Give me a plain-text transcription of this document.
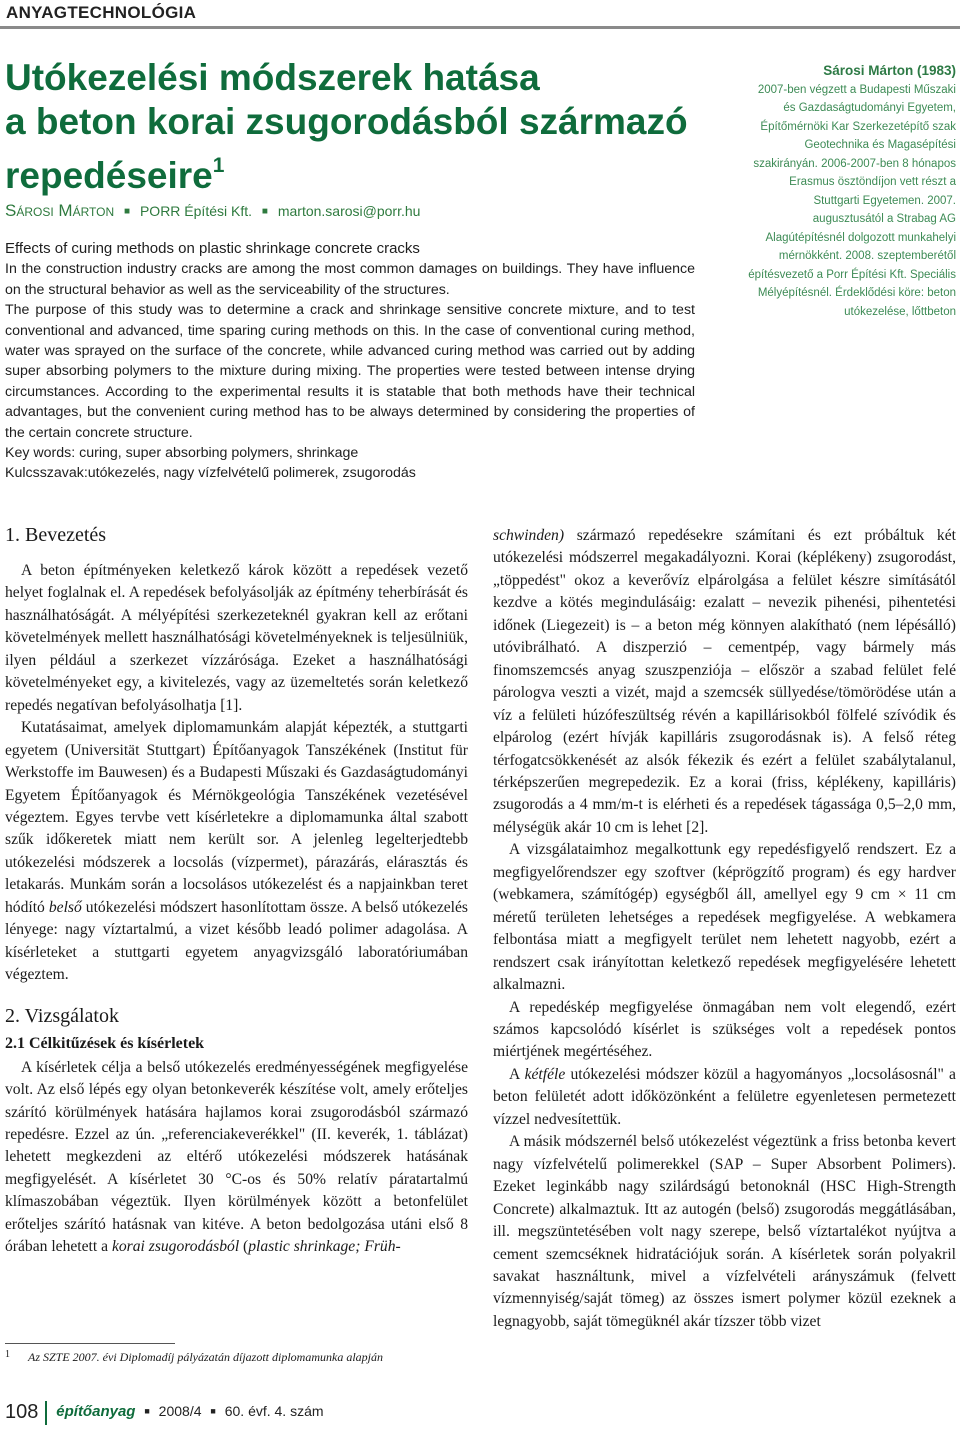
ANYAGTECHNOLÓGIA
Utókezelési módszerek hatása
a beton korai zsugorodásból származó
repedéseire$^1$
Sárosi Márton ■ PORR Építési Kft. ■ marton.sarosi@porr.hu
Sárosi Márton (1983)
2007-ben végzett a Budapesti Műszaki és Gazdaságtudományi Egyetem, Építőmérnöki Kar Szerkezetépítő szak Geotechnika és Magasépítési szakirányán. 2006-2007-ben 8 hónapos Erasmus ösztöndíjon vett részt a Stuttgarti Egyetemen. 2007. augusztusától a Strabag AG Alagútépítésnél dolgozott munkahelyi mérnökként. 2008. szeptemberétől építésvezető a Porr Építési Kft. Speciális Mélyépítésnél. Érdeklődési köre: beton utókezelése, lőttbeton

Effects of curing methods on plastic shrinkage concrete cracks

In the construction industry cracks are among the most common damages on buildings. They have influence on the structural behavior as well as the serviceability of the structures.

The purpose of this study was to determine a crack and shrinkage sensitive concrete mixture, and to test conventional and advanced, time sparing curing methods on this. In the case of conventional curing method, water was sprayed on the surface of the concrete, while advanced curing method was carried out by adding super absorbing polymers to the mixture during mixing. The properties were tested between intense drying circumstances. According to the experimental results it is statable that both methods have their technical advantages, but the convenient curing method has to be always determined by considering the properties of the certain concrete structure.

Key words: curing, super absorbing polymers, shrinkage

Kulcsszavak:utókezelés, nagy vízfelvételű polimerek, zsugorodás

1. Bevezetés

A beton építményeken keletkező károk között a repedések vezető helyet foglalnak el. A repedések befolyásolják az építmény teherbírását és használhatóságát. A mélyépítési szerkezeteknél gyakran kell az erőtani követelmények mellett használhatósági követelményeknek is teljesülniük, ilyen például a szerkezet vízzárósága. Ezeket a használhatósági követelményeket egy, a kivitelezés, vagy az üzemeltetés során keletkező repedés negatívan befolyásolhatja [1].

Kutatásaimat, amelyek diplomamunkám alapját képezték, a stuttgarti egyetem (Universität Stuttgart) Építőanyagok Tanszékének (Institut für Werkstoffe im Bauwesen) és a Budapesti Műszaki és Gazdaságtudományi Egyetem Építőanyagok és Mérnökgeológia Tanszékének vezetésével végeztem. Egyes tervbe vett kísérletekre a diplomamunka által szabott szűk időkeretek miatt nem került sor. A jelenleg legelterjedtebb utókezelési módszerek a locsolás (vízpermet), párazárás, elárasztás és letakarás. Munkám során a locsolásos utókezelést és a napjainkban teret hódító belső utókezelési módszert hasonlítottam össze. A belső utókezelés lényege: nagy víztartalmú, a vizet később leadó polimer adagolása. A kísérleteket a stuttgarti egyetem anyagvizsgáló laboratóriumában végeztem.

2. Vizsgálatok
2.1 Célkitűzések és kísérletek

A kísérletek célja a belső utókezelés eredményességének megfigyelése volt. Az első lépés egy olyan betonkeverék készítése volt, amely erőteljes szárító körülmények hatására hajlamos korai zsugorodásból származó repedésre. Ezzel az ún. „referenciakeverékkel" (II. keverék, 1. táblázat) lehetett megkezdeni az eltérő utókezelési módszerek hatásának megfigyelését. A kísérletet 30 °C-os és 50% relatív páratartalmú klímaszobában végeztük. Ilyen körülmények között a betonfelület erőteljes szárító hatásnak van kitéve. A beton bedolgozása utáni első 8 órában lehetett a korai zsugorodásból (plastic shrinkage; Früh-

schwinden) származó repedésekre számítani és ezt próbáltuk két utókezelési módszerrel megakadályozni. Korai (képlékeny) zsugorodást, „töppedést" okoz a keverővíz elpárolgása a felület készre simításától kezdve a kötés megindulásáig: ezalatt – nevezik pihenési, pihentetési időnek (Liegezeit) is – a beton még könnyen alakítható (nem lépésálló) utóvibrálható. A diszperzió – cementpép, vagy bármely más finomszemcsés anyag szuszpenziója – először a szabad felület felé párologva veszti a vizét, majd a szemcsék süllyedése/tömörödése után a víz a felületi húzófeszültség révén a kapillárisokból fölfelé szívódik és elpárolog (ezért hívják kapilláris zsugorodásnak is). A felső réteg térfogatcsökkenését az alsók fékezik és ezért a felület szabálytalanul, térképszerűen megrepedezik. Ez a korai (friss, képlékeny, kapilláris) zsugorodás a 4 mm/m-t is elérheti és a repedések tágassága 0,5–2,0 mm, mélységük akár 10 cm is lehet [2].

A vizsgálataimhoz megalkottunk egy repedésfigyelő rendszert. Ez a megfigyelőrendszer egy szoftver (képrögzítő program) és egy hardver (webkamera, számítógép) egységből áll, amellyel egy 9 cm × 11 cm méretű területen lehetséges a repedések megfigyelése. A webkamera felbontása miatt a megfigyelt terület nem lehetett nagyobb, ezért a rendszert csak irányítottan keletkező repedések megfigyelésére lehetett alkalmazni.

A repedéskép megfigyelése önmagában nem volt elegendő, ezért számos kapcsolódó kísérlet is szükséges volt a repedések pontos miértjének megértéséhez.

A kétféle utókezelési módszer közül a hagyományos „locsolásosnál" a beton felületét adott időközönként a felületre egyenletesen permetezett vízzel nedvesítettük.

A másik módszernél belső utókezelést végeztünk a friss betonba kevert nagy vízfelvételű polimerekkel (SAP – Super Absorbent Polimers). Ezeket leginkább nagy szilárdságú betonoknál (HSC High-Strength Concrete) alkalmaztuk. Itt az autogén (belső) zsugorodás meggátlásában, ill. megszüntetésében volt nagy szerepe, belső víztartalékot nyújtva a cement szemcséknek hidratációjuk során. A kísérletek során polyakril savakat használtunk, mivel a vízfelvételi arányszámuk (felvett vízmennyiség/saját tömeg) az összes ismert polymer közül ezeknek a legnagyobb, saját tömegüknél akár tízszer több vizet

$^1$ Az SZTE 2007. évi Diplomadíj pályázatán díjazott diplomamunka alapján
108 építőanyag ■ 2008/4 ■ 60. évf. 4. szám
